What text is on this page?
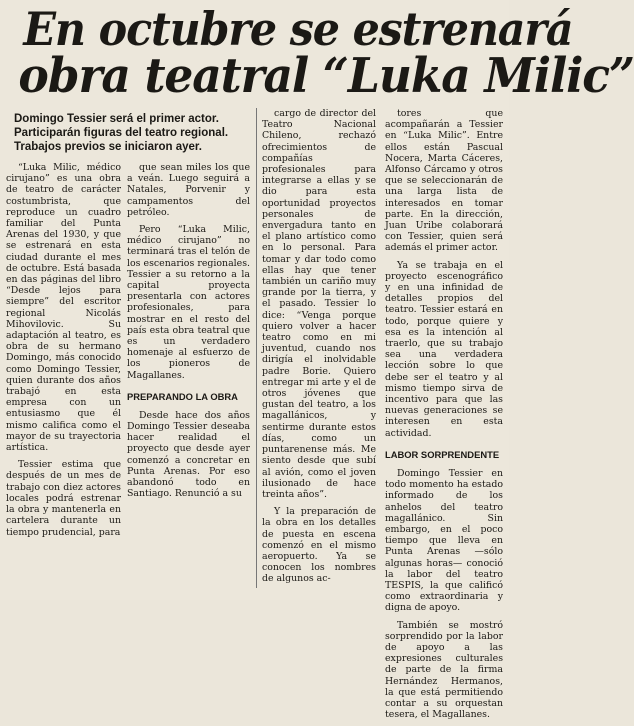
En octubre se estrenará
obra teatral “Luka Milic”
Domingo Tessier será el primer actor.
Participarán figuras del teatro regional.
Trabajos previos se iniciaron ayer.

“Luka Milic, médico cirujano” es una obra de teatro de carácter costumbrista, que reproduce un cuadro familiar del Punta Arenas del 1930, y que se estrenará en esta ciudad durante el mes de octubre. Está basada en das páginas del libro “Desde lejos para siempre” del escritor regional Nicolás Mihovilovic. Su adaptación al teatro, es obra de su hermano Domingo, más conocido como Domingo Tessier, quien durante dos años trabajó en esta empresa con un entusiasmo que él mismo califica como el mayor de su trayectoria artística.

Tessier estima que después de un mes de trabajo con diez actores locales podrá estrenar la obra y mantenerla en cartelera durante un tiempo prudencial, para

que sean miles los que a veán. Luego seguirá a Natales, Porvenir y campamentos del petróleo.

Pero “Luka Milic, médico cirujano” no terminará tras el telón de los escenarios regionales. Tessier a su retorno a la capital proyecta presentarla con actores profesionales, para mostrar en el resto del país esta obra teatral que es un verdadero homenaje al esfuerzo de los pioneros de Magallanes.

PREPARANDO LA OBRA

Desde hace dos años Domingo Tessier deseaba hacer realidad el proyecto que desde ayer comenzó a concretar en Punta Arenas. Por eso abandonó todo en Santiago. Renunció a su

cargo de director del Teatro Nacional Chileno, rechazó ofrecimientos de compañías profesionales para integrarse a ellas y se dio para esta oportunidad proyectos personales de envergadura tanto en el plano artístico como en lo personal. Para tomar y dar todo como ellas hay que tener también un cariño muy grande por la tierra, y el pasado. Tessier lo dice: “Venga porque quiero volver a hacer teatro como en mi juventud, cuando nos dirigía el inolvidable padre Borie. Quiero entregar mi arte y el de otros jóvenes que gustan del teatro, a los magallánicos, y sentirme durante estos días, como un puntarenense más. Me siento desde que subí al avión, como el joven ilusionado de hace treinta años”.

Y la preparación de la obra en los detalles de puesta en escena comenzó en el mismo aeropuerto. Ya se conocen los nombres de algunos ac-

tores que acompañarán a Tessier en “Luka Milic”. Entre ellos están Pascual Nocera, Marta Cáceres, Alfonso Cárcamo y otros que se seleccionarán de una larga lista de interesados en tomar parte. En la dirección, Juan Uribe colaborará con Tessier, quien será además el primer actor.

Ya se trabaja en el proyecto escenográfico y en una infinidad de detalles propios del teatro. Tessier estará en todo, porque quiere y esa es la intención al traerlo, que su trabajo sea una verdadera lección sobre lo que debe ser el teatro y al mismo tiempo sirva de incentivo para que las nuevas generaciones se interesen en esta actividad.

LABOR SORPRENDENTE

Domingo Tessier en todo momento ha estado informado de los anhelos del teatro magallánico. Sin embargo, en el poco tiempo que lleva en Punta Arenas —sólo algunas horas— conoció la labor del teatro TESPIS, la que calificó como extraordinaria y digna de apoyo.

También se mostró sorprendido por la labor de apoyo a las expresiones culturales de parte de la firma Hernández Hermanos, la que está permitiendo contar a su orquestan tesera, el Magallanes.
